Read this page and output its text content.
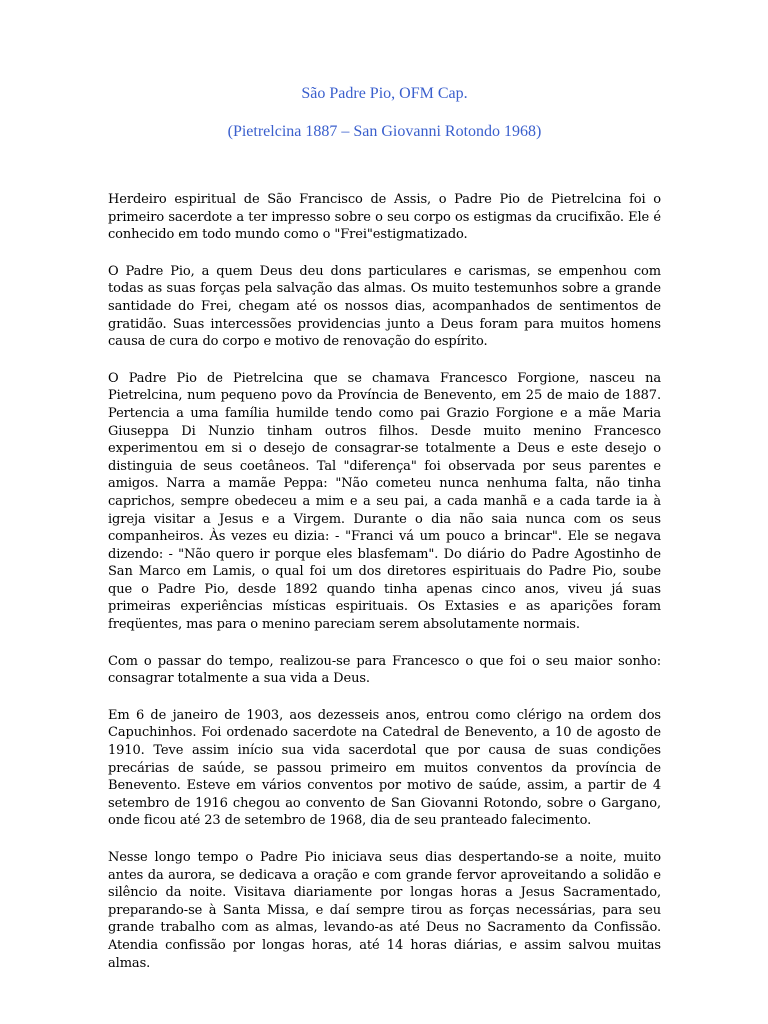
São Padre Pio, OFM Cap.

(Pietrelcina 1887 – San Giovanni Rotondo 1968)

Herdeiro espiritual de São Francisco de Assis, o Padre Pio de Pietrelcina foi o primeiro sacerdote a ter impresso sobre o seu corpo os estigmas da crucifixão. Ele é conhecido em todo mundo como o "Frei"estigmatizado.

O Padre Pio, a quem Deus deu dons particulares e carismas, se empenhou com todas as suas forças pela salvação das almas. Os muito testemunhos sobre a grande santidade do Frei, chegam até os nossos dias, acompanhados de sentimentos de gratidão. Suas intercessões providencias junto a Deus foram para muitos homens causa de cura do corpo e motivo de renovação do espírito.

O Padre Pio de Pietrelcina que se chamava Francesco Forgione, nasceu na Pietrelcina, num pequeno povo da Província de Benevento, em 25 de maio de 1887. Pertencia a uma família humilde tendo como pai Grazio Forgione e a mãe Maria Giuseppa Di Nunzio tinham outros filhos. Desde muito menino Francesco experimentou em si o desejo de consagrar-se totalmente a Deus e este desejo o distinguia de seus coetâneos. Tal "diferença" foi observada por seus parentes e amigos. Narra a mamãe Peppa: "Não cometeu nunca nenhuma falta, não tinha caprichos, sempre obedeceu a mim e a seu pai, a cada manhã e a cada tarde ia à igreja visitar a Jesus e a Virgem. Durante o dia não saia nunca com os seus companheiros. Às vezes eu dizia: - "Franci vá um pouco a brincar". Ele se negava dizendo: - "Não quero ir porque eles blasfemam". Do diário do Padre Agostinho de San Marco em Lamis, o qual foi um dos diretores espirituais do Padre Pio, soube que o Padre Pio, desde 1892 quando tinha apenas cinco anos, viveu já suas primeiras experiências místicas espirituais. Os Extasies e as aparições foram freqüentes, mas para o menino pareciam serem absolutamente normais.

Com o passar do tempo, realizou-se para Francesco o que foi o seu maior sonho: consagrar totalmente a sua vida a Deus.

Em 6 de janeiro de 1903, aos dezesseis anos, entrou como clérigo na ordem dos Capuchinhos. Foi ordenado sacerdote na Catedral de Benevento, a 10 de agosto de 1910. Teve assim início sua vida sacerdotal que por causa de suas condições precárias de saúde, se passou primeiro em muitos conventos da província de Benevento. Esteve em vários conventos por motivo de saúde, assim, a partir de 4 setembro de 1916 chegou ao convento de San Giovanni Rotondo, sobre o Gargano, onde ficou até 23 de setembro de 1968, dia de seu pranteado falecimento.

Nesse longo tempo o Padre Pio iniciava seus dias despertando-se a noite, muito antes da aurora, se dedicava a oração e com grande fervor aproveitando a solidão e silêncio da noite. Visitava diariamente por longas horas a Jesus Sacramentado, preparando-se à Santa Missa, e daí sempre tirou as forças necessárias, para seu grande trabalho com as almas, levando-as até Deus no Sacramento da Confissão. Atendia confissão por longas horas, até 14 horas diárias, e assim salvou muitas almas.
